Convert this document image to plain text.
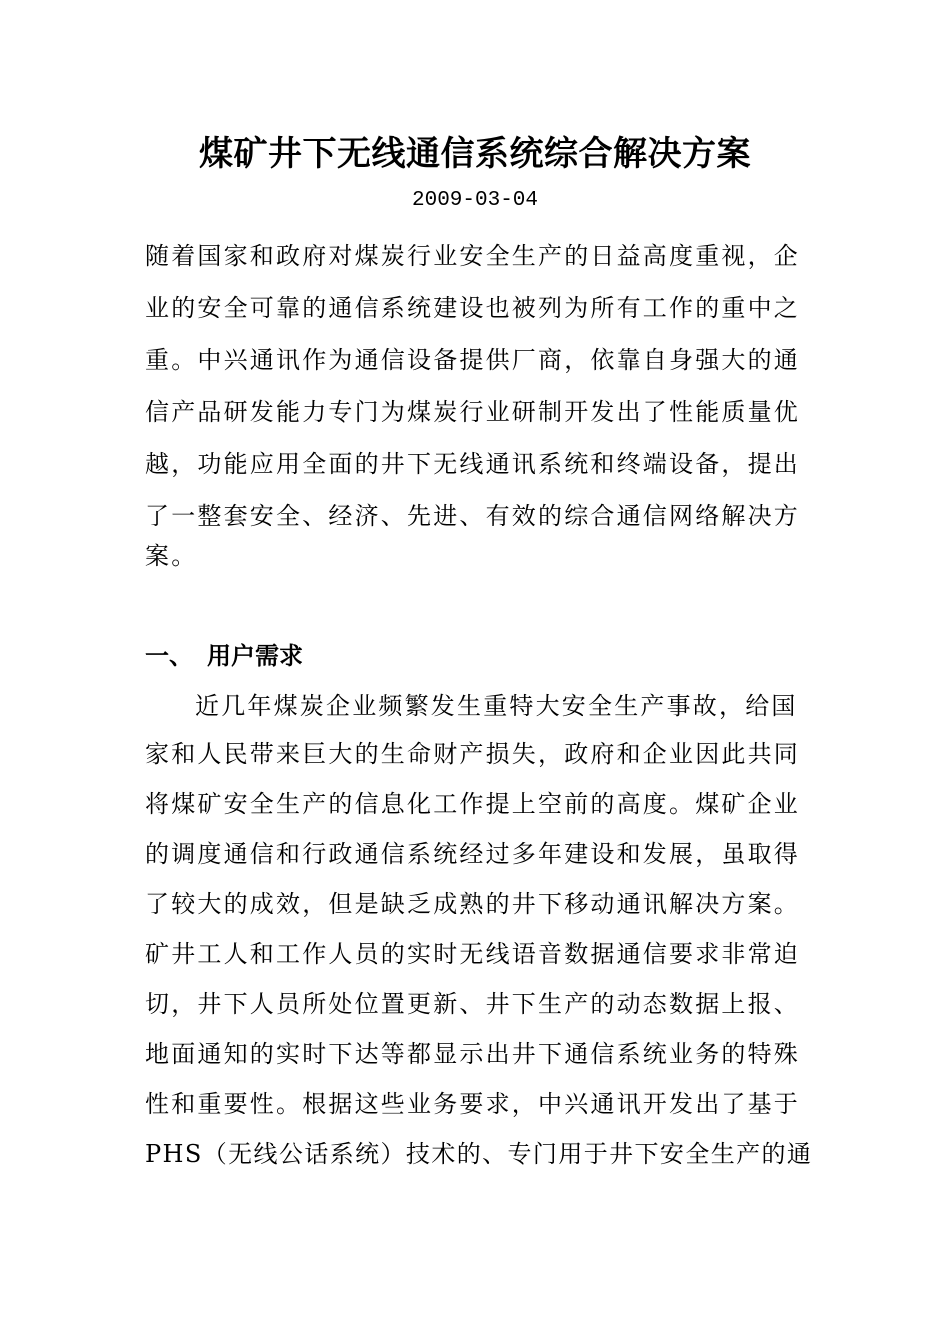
煤矿井下无线通信系统综合解决方案
2009-03-04
随着国家和政府对煤炭行业安全生产的日益高度重视，企
业的安全可靠的通信系统建设也被列为所有工作的重中之
重。中兴通讯作为通信设备提供厂商，依靠自身强大的通
信产品研发能力专门为煤炭行业研制开发出了性能质量优
越，功能应用全面的井下无线通讯系统和终端设备，提出
了一整套安全、经济、先进、有效的综合通信网络解决方
案。
一、 用户需求
近几年煤炭企业频繁发生重特大安全生产事故，给国
家和人民带来巨大的生命财产损失，政府和企业因此共同
将煤矿安全生产的信息化工作提上空前的高度。煤矿企业
的调度通信和行政通信系统经过多年建设和发展，虽取得
了较大的成效，但是缺乏成熟的井下移动通讯解决方案。
矿井工人和工作人员的实时无线语音数据通信要求非常迫
切，井下人员所处位置更新、井下生产的动态数据上报、
地面通知的实时下达等都显示出井下通信系统业务的特殊
性和重要性。根据这些业务要求，中兴通讯开发出了基于
PHS（无线公话系统）技术的、专门用于井下安全生产的通
